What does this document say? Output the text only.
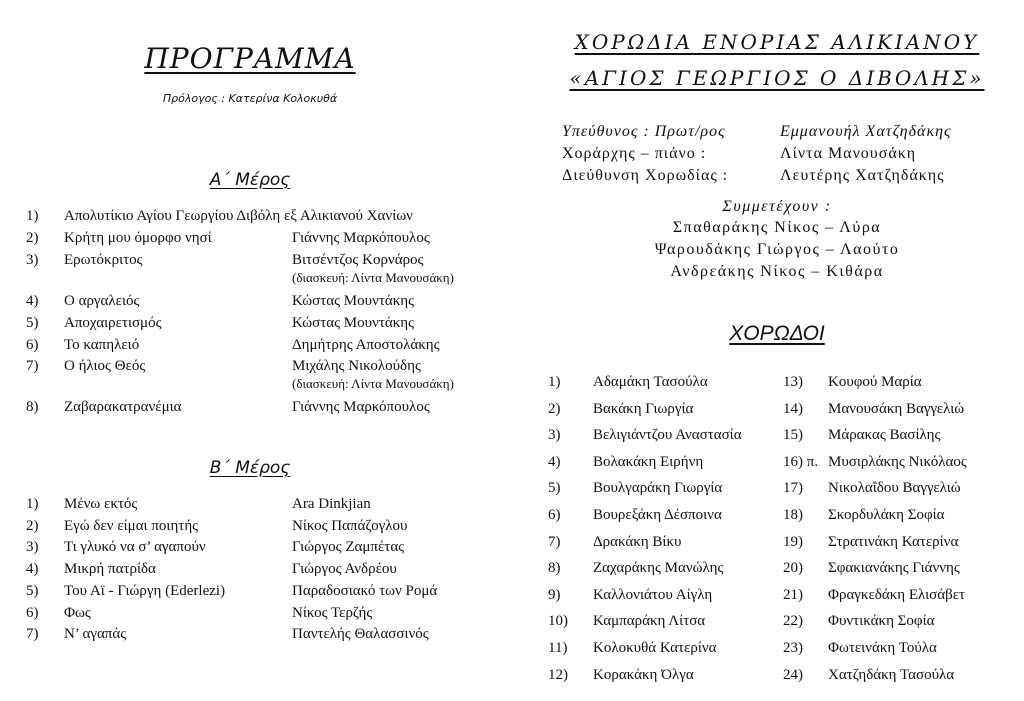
ΠΡΟΓΡΑΜΜΑ
Πρόλογος : Κατερίνα Κολοκυθά
Α΄ Μέρος
1) Απολυτίκιο Αγίου Γεωργίου Διβόλη εξ Αλικιανού Χανίων
2) Κρήτη μου όμορφο νησί	Γιάννης Μαρκόπουλος
3) Ερωτόκριτος	Βιτσέντζος Κορνάρος
(διασκευή: Λίντα Μανουσάκη)
4) Ο αργαλειός	Κώστας Μουντάκης
5) Αποχαιρετισμός	Κώστας Μουντάκης
6) Το καπηλειό	Δημήτρης Αποστολάκης
7) Ο ήλιος Θεός	Μιχάλης Νικολούδης
(διασκευή: Λίντα Μανουσάκη)
8) Ζαβαρακατρανέμια	Γιάννης Μαρκόπουλος
Β΄ Μέρος
1) Μένω εκτός	Ara Dinkjian
2) Εγώ δεν είμαι ποιητής	Νίκος Παπάζογλου
3) Τι γλυκό να σ’ αγαπούν	Γιώργος Ζαμπέτας
4) Μικρή πατρίδα	Γιώργος Ανδρέου
5) Του Αϊ - Γιώργη (Ederlezi)	Παραδοσιακό των Ρομά
6) Φως	Νίκος Τερζής
7) Ν’ αγαπάς	Παντελής Θαλασσινός
ΧΟΡΩΔΙΑ ΕΝΟΡΙΑΣ ΑΛΙΚΙΑΝΟΥ
«ΑΓΙΟΣ ΓΕΩΡΓΙΟΣ Ο ΔΙΒΟΛΗΣ»
Υπεύθυνος : Πρωτ/ρος	Εμμανουήλ Χατζηδάκης
Χοράρχης – πιάνο :	Λίντα Μανουσάκη
Διεύθυνση Χορωδίας :	Λευτέρης Χατζηδάκης
Συμμετέχουν :
Σπαθαράκης Νίκος – Λύρα
Ψαρουδάκης Γιώργος – Λαούτο
Ανδρεάκης Νίκος – Κιθάρα
ΧΟΡΩΔΟΙ
1) Αδαμάκη Τασούλα
2) Βακάκη Γιωργία
3) Βελιγιάντζου Αναστασία
4) Βολακάκη Ειρήνη
5) Βουλγαράκη Γιωργία
6) Βουρεξάκη Δέσποινα
7) Δρακάκη Βίκυ
8) Ζαχαράκης Μανώλης
9) Καλλονιάτου Αίγλη
10) Καμπαράκη Λίτσα
11) Κολοκυθά Κατερίνα
12) Κορακάκη Όλγα
13) Κουφού Μαρία
14) Μανουσάκη Βαγγελιώ
15) Μάρακας Βασίλης
16) π. Μυσιρλάκης Νικόλαος
17) Νικολαΐδου Βαγγελιώ
18) Σκορδυλάκη Σοφία
19) Στρατινάκη Κατερίνα
20) Σφακιανάκης Γιάννης
21) Φραγκεδάκη Ελισάβετ
22) Φυντικάκη Σοφία
23) Φωτεινάκη Τούλα
24) Χατζηδάκη Τασούλα
